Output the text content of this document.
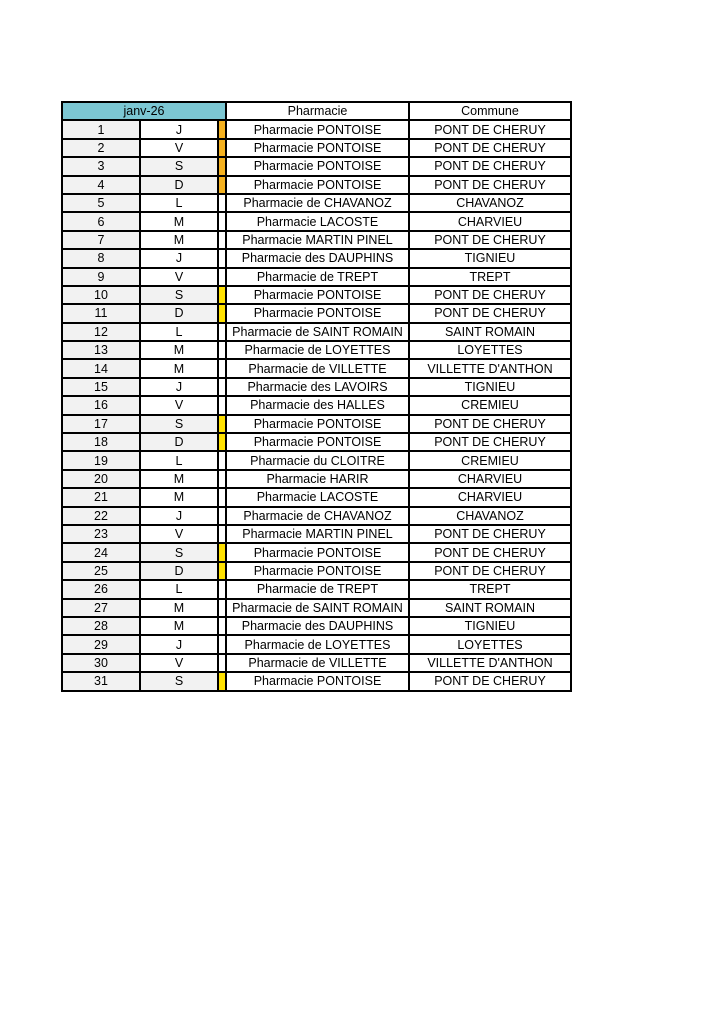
janv-26			Pharmacie	Commune
1	J		Pharmacie PONTOISE	PONT DE CHERUY
2	V		Pharmacie PONTOISE	PONT DE CHERUY
3	S		Pharmacie PONTOISE	PONT DE CHERUY
4	D		Pharmacie PONTOISE	PONT DE CHERUY
5	L		Pharmacie de CHAVANOZ	CHAVANOZ
6	M		Pharmacie LACOSTE	CHARVIEU
7	M		Pharmacie MARTIN PINEL	PONT DE CHERUY
8	J		Pharmacie des DAUPHINS	TIGNIEU
9	V		Pharmacie de TREPT	TREPT
10	S		Pharmacie PONTOISE	PONT DE CHERUY
11	D		Pharmacie PONTOISE	PONT DE CHERUY
12	L		Pharmacie de SAINT ROMAIN	SAINT ROMAIN
13	M		Pharmacie de LOYETTES	LOYETTES
14	M		Pharmacie de VILLETTE	VILLETTE D'ANTHON
15	J		Pharmacie des LAVOIRS	TIGNIEU
16	V		Pharmacie des HALLES	CREMIEU
17	S		Pharmacie PONTOISE	PONT DE CHERUY
18	D		Pharmacie PONTOISE	PONT DE CHERUY
19	L		Pharmacie du CLOITRE	CREMIEU
20	M		Pharmacie HARIR	CHARVIEU
21	M		Pharmacie LACOSTE	CHARVIEU
22	J		Pharmacie de CHAVANOZ	CHAVANOZ
23	V		Pharmacie MARTIN PINEL	PONT DE CHERUY
24	S		Pharmacie PONTOISE	PONT DE CHERUY
25	D		Pharmacie PONTOISE	PONT DE CHERUY
26	L		Pharmacie de TREPT	TREPT
27	M		Pharmacie de SAINT ROMAIN	SAINT ROMAIN
28	M		Pharmacie des DAUPHINS	TIGNIEU
29	J		Pharmacie de LOYETTES	LOYETTES
30	V		Pharmacie de VILLETTE	VILLETTE D'ANTHON
31	S		Pharmacie PONTOISE	PONT DE CHERUY
